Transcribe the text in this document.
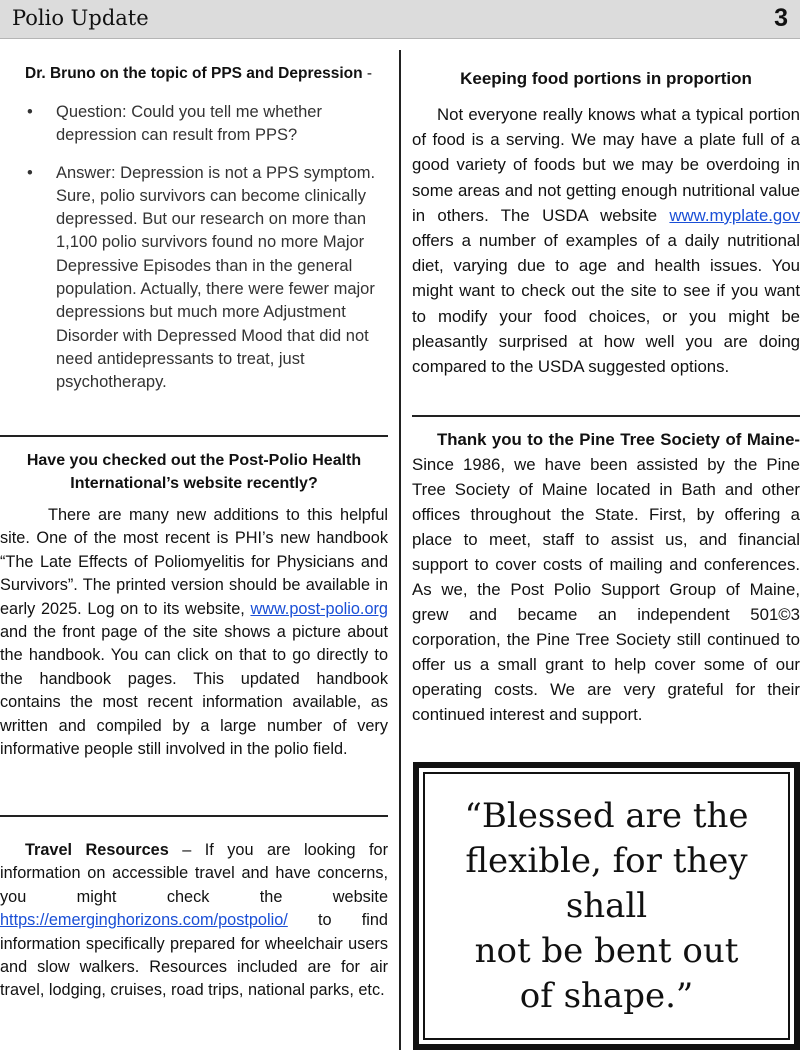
Polio Update	3
Dr. Bruno on the topic of PPS and Depression -
• Question: Could you tell me whether depression can result from PPS?
• Answer: Depression is not a PPS symptom. Sure, polio survivors can become clinically depressed. But our research on more than 1,100 polio survivors found no more Major Depressive Episodes than in the general population. Actually, there were fewer major depressions but much more Adjustment Disorder with Depressed Mood that did not need antidepressants to treat, just psychotherapy.
Have you checked out the Post-Polio Health International’s website recently?
There are many new additions to this helpful site. One of the most recent is PHI’s new handbook “The Late Effects of Poliomyelitis for Physicians and Survivors”. The printed version should be available in early 2025. Log on to its website, www.post-polio.org and the front page of the site shows a picture about the handbook. You can click on that to go directly to the handbook pages. This updated handbook contains the most recent information available, as written and compiled by a large number of very informative people still involved in the polio field.
Travel Resources – If you are looking for information on accessible travel and have concerns, you might check the website https://emerginghorizons.com/postpolio/ to find information specifically prepared for wheelchair users and slow walkers. Resources included are for air travel, lodging, cruises, road trips, national parks, etc.
Keeping food portions in proportion
Not everyone really knows what a typical portion of food is a serving. We may have a plate full of a good variety of foods but we may be overdoing in some areas and not getting enough nutritional value in others. The USDA website www.myplate.gov offers a number of examples of a daily nutritional diet, varying due to age and health issues. You might want to check out the site to see if you want to modify your food choices, or you might be pleasantly surprised at how well you are doing compared to the USDA suggested options.
Thank you to the Pine Tree Society of Maine- Since 1986, we have been assisted by the Pine Tree Society of Maine located in Bath and other offices throughout the State. First, by offering a place to meet, staff to assist us, and financial support to cover costs of mailing and conferences. As we, the Post Polio Support Group of Maine, grew and became an independent 501©3 corporation, the Pine Tree Society still continued to offer us a small grant to help cover some of our operating costs. We are very grateful for their continued interest and support.
“Blessed are the
flexible, for they shall
not be bent out
of shape.”
